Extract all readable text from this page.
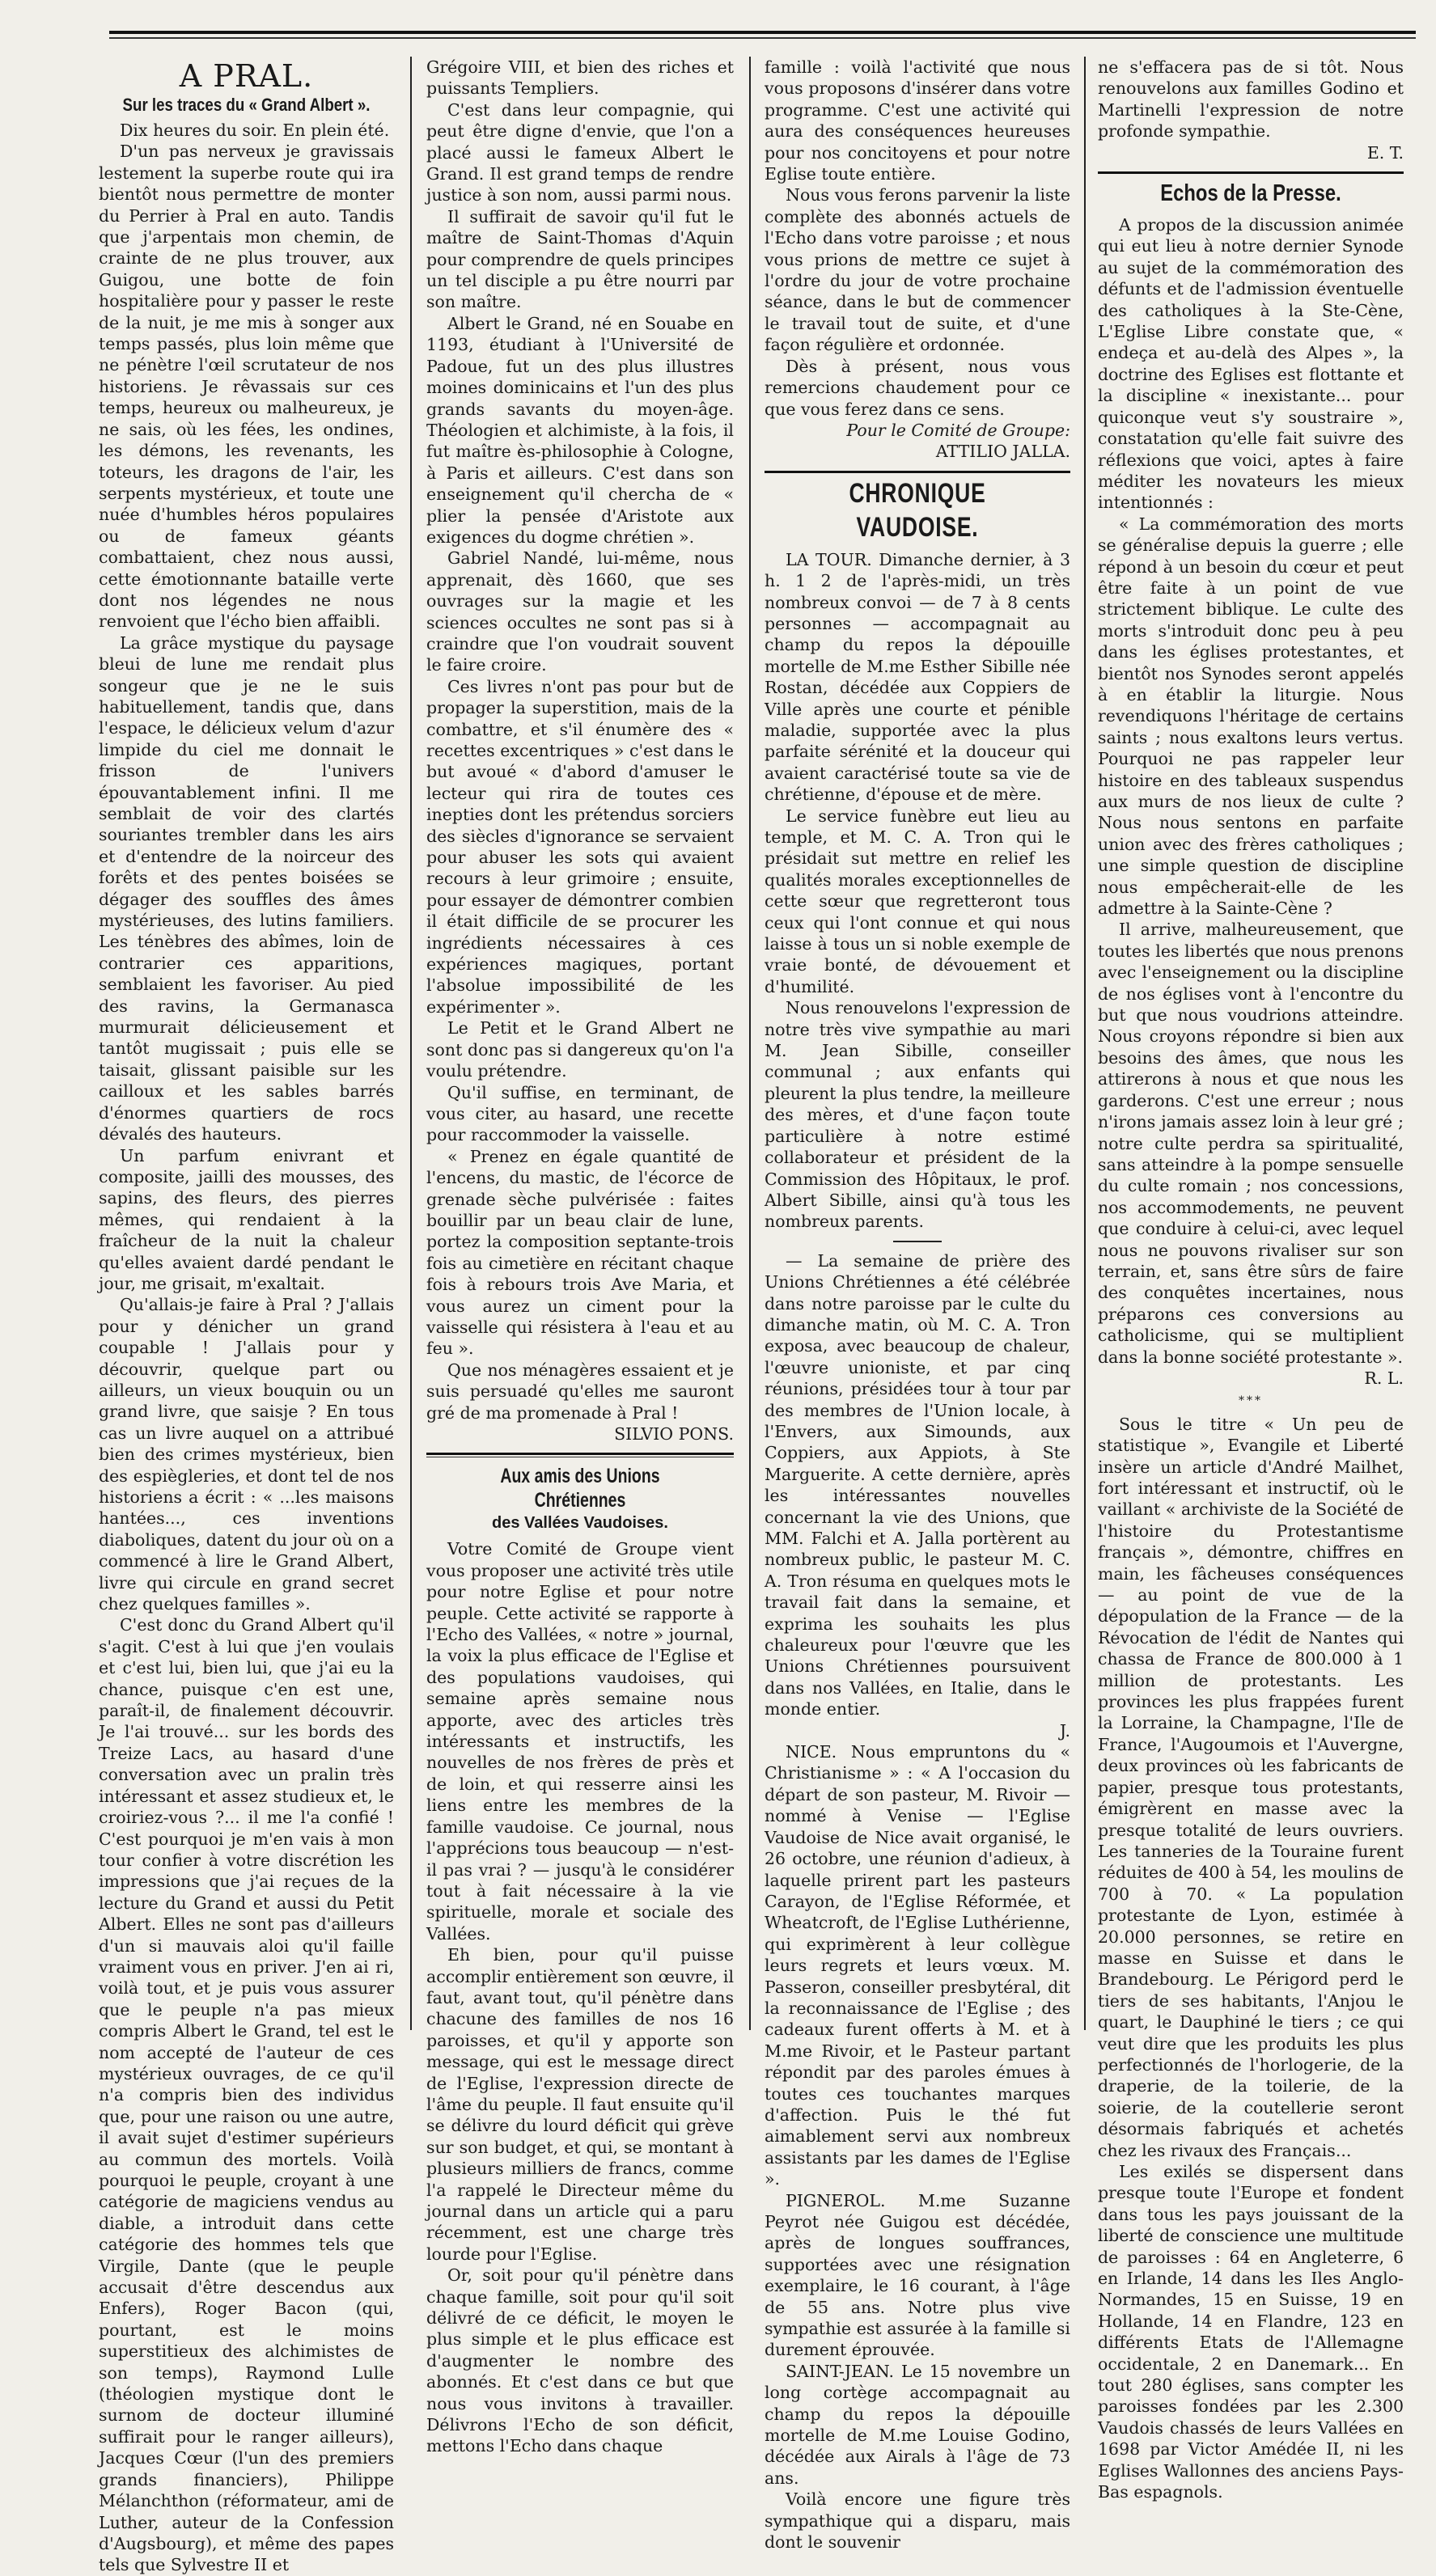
A PRAL.
Sur les traces du « Grand Albert ».

Dix heures du soir. En plein été.

D'un pas nerveux je gravissais lestement la superbe route qui ira bientôt nous permettre de monter du Perrier à Pral en auto. Tandis que j'arpentais mon chemin, de crainte de ne plus trouver, aux Guigou, une botte de foin hospitalière pour y passer le reste de la nuit, je me mis à songer aux temps passés, plus loin même que ne pénètre l'œil scrutateur de nos historiens. Je rêvassais sur ces temps, heureux ou malheureux, je ne sais, où les fées, les ondines, les démons, les revenants, les toteurs, les dragons de l'air, les serpents mystérieux, et toute une nuée d'humbles héros populaires ou de fameux géants combattaient, chez nous aussi, cette émotionnante bataille verte dont nos légendes ne nous renvoient que l'écho bien affaibli.

La grâce mystique du paysage bleui de lune me rendait plus songeur que je ne le suis habituellement, tandis que, dans l'espace, le délicieux velum d'azur limpide du ciel me donnait le frisson de l'univers épouvantablement infini. Il me semblait de voir des clartés souriantes trembler dans les airs et d'entendre de la noirceur des forêts et des pentes boisées se dégager des souffles des âmes mystérieuses, des lutins familiers. Les ténèbres des abîmes, loin de contrarier ces apparitions, semblaient les favoriser. Au pied des ravins, la Germanasca murmurait délicieusement et tantôt mugissait ; puis elle se taisait, glissant paisible sur les cailloux et les sables barrés d'énormes quartiers de rocs dévalés des hauteurs.

Un parfum enivrant et composite, jailli des mousses, des sapins, des fleurs, des pierres mêmes, qui rendaient à la fraîcheur de la nuit la chaleur qu'elles avaient dardé pendant le jour, me grisait, m'exaltait.

Qu'allais-je faire à Pral ? J'allais pour y dénicher un grand coupable ! J'allais pour y découvrir, quelque part ou ailleurs, un vieux bouquin ou un grand livre, que saisje ? En tous cas un livre auquel on a attribué bien des crimes mystérieux, bien des espiègleries, et dont tel de nos historiens a écrit : « ...les maisons hantées..., ces inventions diaboliques, datent du jour où on a commencé à lire le Grand Albert, livre qui circule en grand secret chez quelques familles ».

C'est donc du Grand Albert qu'il s'agit. C'est à lui que j'en voulais et c'est lui, bien lui, que j'ai eu la chance, puisque c'en est une, paraît-il, de finalement découvrir. Je l'ai trouvé... sur les bords des Treize Lacs, au hasard d'une conversation avec un pralin très intéressant et assez studieux et, le croiriez-vous ?... il me l'a confié ! C'est pourquoi je m'en vais à mon tour confier à votre discrétion les impressions que j'ai reçues de la lecture du Grand et aussi du Petit Albert. Elles ne sont pas d'ailleurs d'un si mauvais aloi qu'il faille vraiment vous en priver. J'en ai ri, voilà tout, et je puis vous assurer que le peuple n'a pas mieux compris Albert le Grand, tel est le nom accepté de l'auteur de ces mystérieux ouvrages, de ce qu'il n'a compris bien des individus que, pour une raison ou une autre, il avait sujet d'estimer supérieurs au commun des mortels. Voilà pourquoi le peuple, croyant à une catégorie de magiciens vendus au diable, a introduit dans cette catégorie des hommes tels que Virgile, Dante (que le peuple accusait d'être descendus aux Enfers), Roger Bacon (qui, pourtant, est le moins superstitieux des alchimistes de son temps), Raymond Lulle (théologien mystique dont le surnom de docteur illuminé suffirait pour le ranger ailleurs), Jacques Cœur (l'un des premiers grands financiers), Philippe Mélanchthon (réformateur, ami de Luther, auteur de la Confession d'Augsbourg), et même des papes tels que Sylvestre II et

Grégoire VIII, et bien des riches et puissants Templiers.

C'est dans leur compagnie, qui peut être digne d'envie, que l'on a placé aussi le fameux Albert le Grand. Il est grand temps de rendre justice à son nom, aussi parmi nous.

Il suffirait de savoir qu'il fut le maître de Saint-Thomas d'Aquin pour comprendre de quels principes un tel disciple a pu être nourri par son maître.

Albert le Grand, né en Souabe en 1193, étudiant à l'Université de Padoue, fut un des plus illustres moines dominicains et l'un des plus grands savants du moyen-âge. Théologien et alchimiste, à la fois, il fut maître ès-philosophie à Cologne, à Paris et ailleurs. C'est dans son enseignement qu'il chercha de « plier la pensée d'Aristote aux exigences du dogme chrétien ».

Gabriel Nandé, lui-même, nous apprenait, dès 1660, que ses ouvrages sur la magie et les sciences occultes ne sont pas si à craindre que l'on voudrait souvent le faire croire.

Ces livres n'ont pas pour but de propager la superstition, mais de la combattre, et s'il énumère des « recettes excentriques » c'est dans le but avoué « d'abord d'amuser le lecteur qui rira de toutes ces inepties dont les prétendus sorciers des siècles d'ignorance se servaient pour abuser les sots qui avaient recours à leur grimoire ; ensuite, pour essayer de démontrer combien il était difficile de se procurer les ingrédients nécessaires à ces expériences magiques, portant l'absolue impossibilité de les expérimenter ».

Le Petit et le Grand Albert ne sont donc pas si dangereux qu'on l'a voulu prétendre.

Qu'il suffise, en terminant, de vous citer, au hasard, une recette pour raccommoder la vaisselle.

« Prenez en égale quantité de l'encens, du mastic, de l'écorce de grenade sèche pulvérisée : faites bouillir par un beau clair de lune, portez la composition septante-trois fois au cimetière en récitant chaque fois à rebours trois Ave Maria, et vous aurez un ciment pour la vaisselle qui résistera à l'eau et au feu ».

Que nos ménagères essaient et je suis persuadé qu'elles me sauront gré de ma promenade à Pral !

SILVIO PONS.
Aux amis des Unions Chrétiennes
des Vallées Vaudoises.

Votre Comité de Groupe vient vous proposer une activité très utile pour notre Eglise et pour notre peuple. Cette activité se rapporte à l'Echo des Vallées, « notre » journal, la voix la plus efficace de l'Eglise et des populations vaudoises, qui semaine après semaine nous apporte, avec des articles très intéressants et instructifs, les nouvelles de nos frères de près et de loin, et qui resserre ainsi les liens entre les membres de la famille vaudoise. Ce journal, nous l'apprécions tous beaucoup — n'est-il pas vrai ? — jusqu'à le considérer tout à fait nécessaire à la vie spirituelle, morale et sociale des Vallées.

Eh bien, pour qu'il puisse accomplir entièrement son œuvre, il faut, avant tout, qu'il pénètre dans chacune des familles de nos 16 paroisses, et qu'il y apporte son message, qui est le message direct de l'Eglise, l'expression directe de l'âme du peuple. Il faut ensuite qu'il se délivre du lourd déficit qui grève sur son budget, et qui, se montant à plusieurs milliers de francs, comme l'a rappelé le Directeur même du journal dans un article qui a paru récemment, est une charge très lourde pour l'Eglise.

Or, soit pour qu'il pénètre dans chaque famille, soit pour qu'il soit délivré de ce déficit, le moyen le plus simple et le plus efficace est d'augmenter le nombre des abonnés. Et c'est dans ce but que nous vous invitons à travailler. Délivrons l'Echo de son déficit, mettons l'Echo dans chaque

famille : voilà l'activité que nous vous proposons d'insérer dans votre programme. C'est une activité qui aura des conséquences heureuses pour nos concitoyens et pour notre Eglise toute entière.

Nous vous ferons parvenir la liste complète des abonnés actuels de l'Echo dans votre paroisse ; et nous vous prions de mettre ce sujet à l'ordre du jour de votre prochaine séance, dans le but de commencer le travail tout de suite, et d'une façon régulière et ordonnée.

Dès à présent, nous vous remercions chaudement pour ce que vous ferez dans ce sens.

Pour le Comité de Groupe:
ATTILIO JALLA.
CHRONIQUE VAUDOISE.

LA TOUR. Dimanche dernier, à 3 h. 1 2 de l'après-midi, un très nombreux convoi — de 7 à 8 cents personnes — accompagnait au champ du repos la dépouille mortelle de M.me Esther Sibille née Rostan, décédée aux Coppiers de Ville après une courte et pénible maladie, supportée avec la plus parfaite sérénité et la douceur qui avaient caractérisé toute sa vie de chrétienne, d'épouse et de mère.

Le service funèbre eut lieu au temple, et M. C. A. Tron qui le présidait sut mettre en relief les qualités morales exceptionnelles de cette sœur que regretteront tous ceux qui l'ont connue et qui nous laisse à tous un si noble exemple de vraie bonté, de dévouement et d'humilité.

Nous renouvelons l'expression de notre très vive sympathie au mari M. Jean Sibille, conseiller communal ; aux enfants qui pleurent la plus tendre, la meilleure des mères, et d'une façon toute particulière à notre estimé collaborateur et président de la Commission des Hôpitaux, le prof. Albert Sibille, ainsi qu'à tous les nombreux parents.

— La semaine de prière des Unions Chrétiennes a été célébrée dans notre paroisse par le culte du dimanche matin, où M. C. A. Tron exposa, avec beaucoup de chaleur, l'œuvre unioniste, et par cinq réunions, présidées tour à tour par des membres de l'Union locale, à l'Envers, aux Simounds, aux Coppiers, aux Appiots, à Ste Marguerite. A cette dernière, après les intéressantes nouvelles concernant la vie des Unions, que MM. Falchi et A. Jalla portèrent au nombreux public, le pasteur M. C. A. Tron résuma en quelques mots le travail fait dans la semaine, et exprima les souhaits les plus chaleureux pour l'œuvre que les Unions Chrétiennes poursuivent dans nos Vallées, en Italie, dans le monde entier.

J.

NICE. Nous empruntons du « Christianisme » : « A l'occasion du départ de son pasteur, M. Rivoir — nommé à Venise — l'Eglise Vaudoise de Nice avait organisé, le 26 octobre, une réunion d'adieux, à laquelle prirent part les pasteurs Carayon, de l'Eglise Réformée, et Wheatcroft, de l'Eglise Luthérienne, qui exprimèrent à leur collègue leurs regrets et leurs vœux. M. Passeron, conseiller presbytéral, dit la reconnaissance de l'Eglise ; des cadeaux furent offerts à M. et à M.me Rivoir, et le Pasteur partant répondit par des paroles émues à toutes ces touchantes marques d'affection. Puis le thé fut aimablement servi aux nombreux assistants par les dames de l'Eglise ».

PIGNEROL. M.me Suzanne Peyrot née Guigou est décédée, après de longues souffrances, supportées avec une résignation exemplaire, le 16 courant, à l'âge de 55 ans. Notre plus vive sympathie est assurée à la famille si durement éprouvée.

SAINT-JEAN. Le 15 novembre un long cortège accompagnait au champ du repos la dépouille mortelle de M.me Louise Godino, décédée aux Airals à l'âge de 73 ans.

Voilà encore une figure très sympathique qui a disparu, mais dont le souvenir

ne s'effacera pas de si tôt. Nous renouvelons aux familles Godino et Martinelli l'expression de notre profonde sympathie.

E. T.
Echos de la Presse.

A propos de la discussion animée qui eut lieu à notre dernier Synode au sujet de la commémoration des défunts et de l'admission éventuelle des catholiques à la Ste-Cène, L'Eglise Libre constate que, « endeça et au-delà des Alpes », la doctrine des Eglises est flottante et la discipline « inexistante... pour quiconque veut s'y soustraire », constatation qu'elle fait suivre des réflexions que voici, aptes à faire méditer les novateurs les mieux intentionnés :

« La commémoration des morts se généralise depuis la guerre ; elle répond à un besoin du cœur et peut être faite à un point de vue strictement biblique. Le culte des morts s'introduit donc peu à peu dans les églises protestantes, et bientôt nos Synodes seront appelés à en établir la liturgie. Nous revendiquons l'héritage de certains saints ; nous exaltons leurs vertus. Pourquoi ne pas rappeler leur histoire en des tableaux suspendus aux murs de nos lieux de culte ? Nous nous sentons en parfaite union avec des frères catholiques ; une simple question de discipline nous empêcherait-elle de les admettre à la Sainte-Cène ?

Il arrive, malheureusement, que toutes les libertés que nous prenons avec l'enseignement ou la discipline de nos églises vont à l'encontre du but que nous voudrions atteindre. Nous croyons répondre si bien aux besoins des âmes, que nous les attirerons à nous et que nous les garderons. C'est une erreur ; nous n'irons jamais assez loin à leur gré ; notre culte perdra sa spiritualité, sans atteindre à la pompe sensuelle du culte romain ; nos concessions, nos accommodements, ne peuvent que conduire à celui-ci, avec lequel nous ne pouvons rivaliser sur son terrain, et, sans être sûrs de faire des conquêtes incertaines, nous préparons ces conversions au catholicisme, qui se multiplient dans la bonne société protestante ».

R. L.
***

Sous le titre « Un peu de statistique », Evangile et Liberté insère un article d'André Mailhet, fort intéressant et instructif, où le vaillant « archiviste de la Société de l'histoire du Protestantisme français », démontre, chiffres en main, les fâcheuses conséquences — au point de vue de la dépopulation de la France — de la Révocation de l'édit de Nantes qui chassa de France de 800.000 à 1 million de protestants. Les provinces les plus frappées furent la Lorraine, la Champagne, l'Ile de France, l'Augoumois et l'Auvergne, deux provinces où les fabricants de papier, presque tous protestants, émigrèrent en masse avec la presque totalité de leurs ouvriers. Les tanneries de la Touraine furent réduites de 400 à 54, les moulins de 700 à 70. « La population protestante de Lyon, estimée à 20.000 personnes, se retire en masse en Suisse et dans le Brandebourg. Le Périgord perd le tiers de ses habitants, l'Anjou le quart, le Dauphiné le tiers ; ce qui veut dire que les produits les plus perfectionnés de l'horlogerie, de la draperie, de la toilerie, de la soierie, de la coutellerie seront désormais fabriqués et achetés chez les rivaux des Français...

Les exilés se dispersent dans presque toute l'Europe et fondent dans tous les pays jouissant de la liberté de conscience une multitude de paroisses : 64 en Angleterre, 6 en Irlande, 14 dans les Iles Anglo-Normandes, 15 en Suisse, 19 en Hollande, 14 en Flandre, 123 en différents Etats de l'Allemagne occidentale, 2 en Danemark... En tout 280 églises, sans compter les paroisses fondées par les 2.300 Vaudois chassés de leurs Vallées en 1698 par Victor Amédée II, ni les Eglises Wallonnes des anciens Pays-Bas espagnols.
